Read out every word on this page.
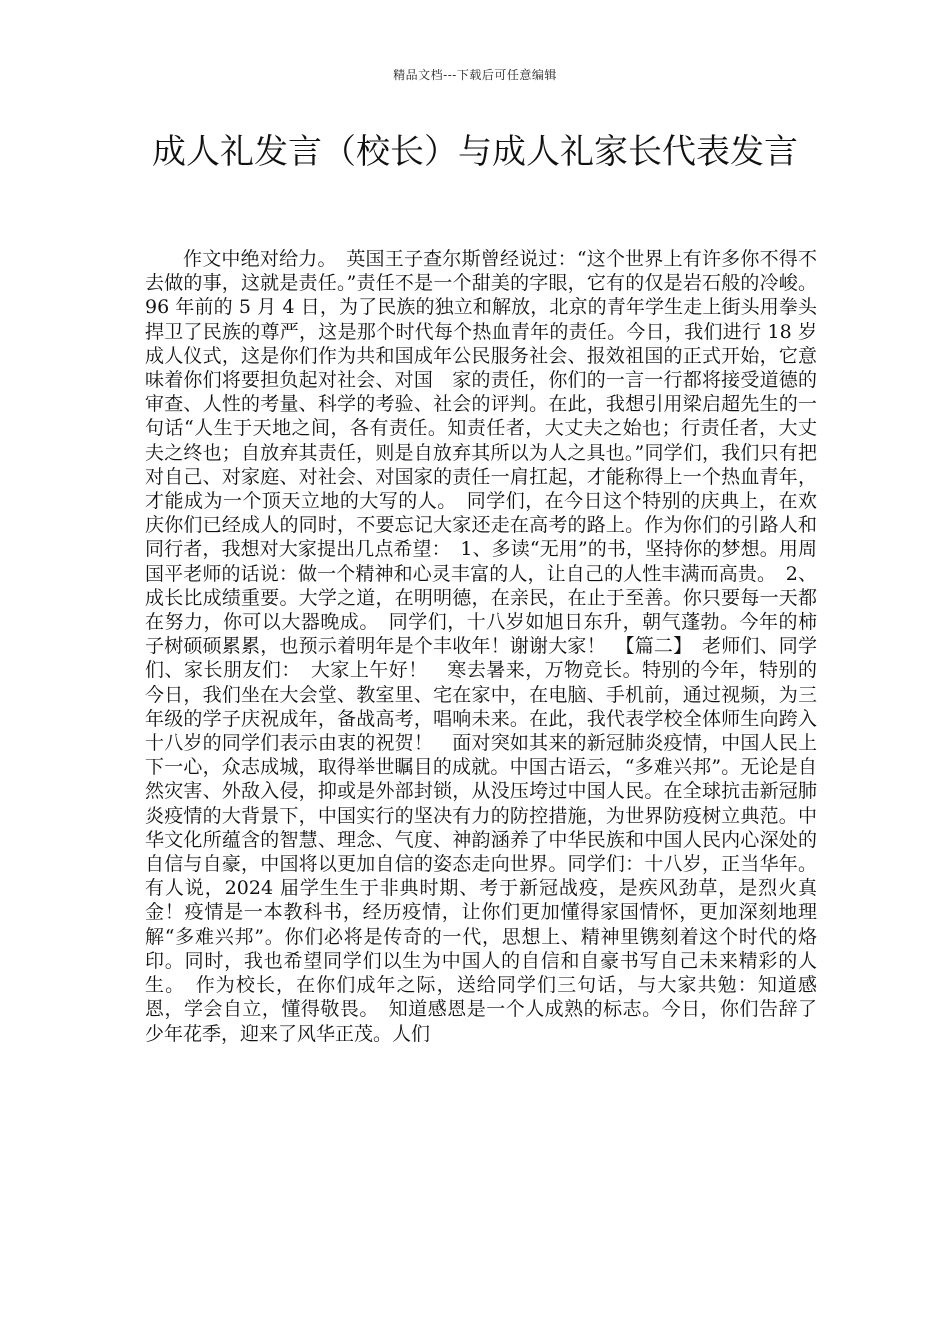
精品文档---下载后可任意编辑
成人礼发言（校长）与成人礼家长代表发言

作文中绝对给力。　英国王子查尔斯曾经说过：“这个世界上有许多你不得不去做的事，这就是责任。”责任不是一个甜美的字眼，它有的仅是岩石般的冷峻。96 年前的 5 月 4 日，为了民族的独立和解放，北京的青年学生走上街头用拳头捍卫了民族的尊严，这是那个时代每个热血青年的责任。今日，我们进行 18 岁成人仪式，这是你们作为共和国成年公民服务社会、报效祖国的正式开始，它意味着你们将要担负起对社会、对国　家的责任，你们的一言一行都将接受道德的审查、人性的考量、科学的考验、社会的评判。在此，我想引用梁启超先生的一句话“人生于天地之间，各有责任。知责任者，大丈夫之始也；行责任者，大丈夫之终也；自放弃其责任，则是自放弃其所以为人之具也。”同学们，我们只有把对自己、对家庭、对社会、对国家的责任一肩扛起，才能称得上一个热血青年，才能成为一个顶天立地的大写的人。　同学们，在今日这个特别的庆典上，在欢庆你们已经成人的同时，不要忘记大家还走在高考的路上。作为你们的引路人和同行者，我想对大家提出几点希望：　1、多读“无用”的书，坚持你的梦想。用周国平老师的话说：做一个精神和心灵丰富的人，让自己的人性丰满而高贵。　2、成长比成绩重要。大学之道，在明明德，在亲民，在止于至善。你只要每一天都在努力，你可以大器晚成。　同学们，十八岁如旭日东升，朝气蓬勃。今年的柿子树硕硕累累，也预示着明年是个丰收年！谢谢大家！　【篇二】　老师们、同学们、家长朋友们：　大家上午好！　寒去暑来，万物竞长。特别的今年，特别的今日，我们坐在大会堂、教室里、宅在家中，在电脑、手机前，通过视频，为三年级的学子庆祝成年，备战高考，唱响未来。在此，我代表学校全体师生向跨入十八岁的同学们表示由衷的祝贺！　面对突如其来的新冠肺炎疫情，中国人民上下一心，众志成城，取得举世瞩目的成就。中国古语云，“多难兴邦”。无论是自然灾害、外敌入侵，抑或是外部封锁，从没压垮过中国人民。在全球抗击新冠肺炎疫情的大背景下，中国实行的坚决有力的防控措施，为世界防疫树立典范。中华文化所蕴含的智慧、理念、气度、神韵涵养了中华民族和中国人民内心深处的自信与自豪，中国将以更加自信的姿态走向世界。同学们：十八岁，正当华年。有人说，2024 届学生生于非典时期、考于新冠战疫，是疾风劲草，是烈火真金！疫情是一本教科书，经历疫情，让你们更加懂得家国情怀，更加深刻地理解“多难兴邦”。你们必将是传奇的一代，思想上、精神里镌刻着这个时代的烙印。同时，我也希望同学们以生为中国人的自信和自豪书写自己未来精彩的人生。　作为校长，在你们成年之际，送给同学们三句话，与大家共勉：知道感恩，学会自立，懂得敬畏。　知道感恩是一个人成熟的标志。今日，你们告辞了少年花季，迎来了风华正茂。人们
